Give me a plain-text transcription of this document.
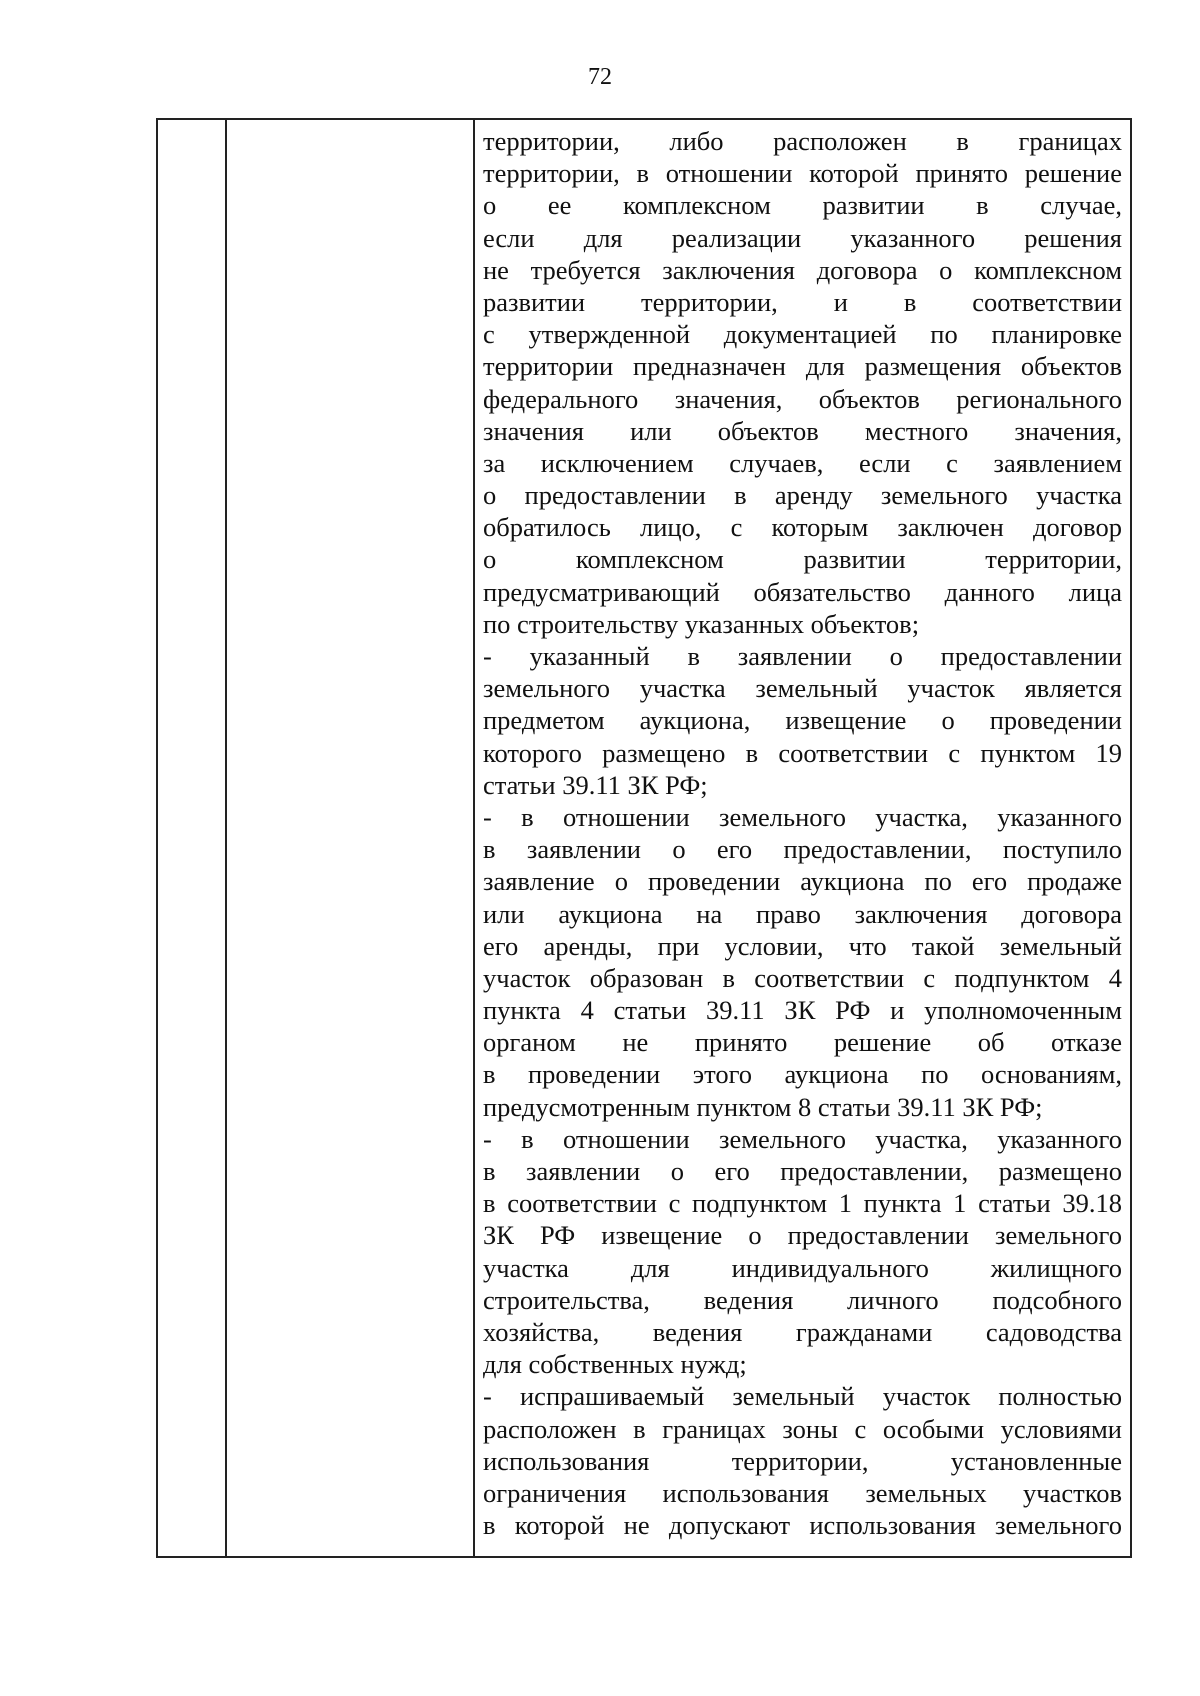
72
территории, либо расположен в границах
территории, в отношении которой принято решение
о ее комплексном развитии в случае,
если для реализации указанного решения
не требуется заключения договора о комплексном
развитии территории, и в соответствии
с утвержденной документацией по планировке
территории предназначен для размещения объектов
федерального значения, объектов регионального
значения или объектов местного значения,
за исключением случаев, если с заявлением
о предоставлении в аренду земельного участка
обратилось лицо, с которым заключен договор
о комплексном развитии территории,
предусматривающий обязательство данного лица
по строительству указанных объектов;
- указанный в заявлении о предоставлении
земельного участка земельный участок является
предметом аукциона, извещение о проведении
которого размещено в соответствии с пунктом 19
статьи 39.11 ЗК РФ;
- в отношении земельного участка, указанного
в заявлении о его предоставлении, поступило
заявление о проведении аукциона по его продаже
или аукциона на право заключения договора
его аренды, при условии, что такой земельный
участок образован в соответствии с подпунктом 4
пункта 4 статьи 39.11 ЗК РФ и уполномоченным
органом не принято решение об отказе
в проведении этого аукциона по основаниям,
предусмотренным пунктом 8 статьи 39.11 ЗК РФ;
- в отношении земельного участка, указанного
в заявлении о его предоставлении, размещено
в соответствии с подпунктом 1 пункта 1 статьи 39.18
ЗК РФ извещение о предоставлении земельного
участка для индивидуального жилищного
строительства, ведения личного подсобного
хозяйства, ведения гражданами садоводства
для собственных нужд;
- испрашиваемый земельный участок полностью
расположен в границах зоны с особыми условиями
использования территории, установленные
ограничения использования земельных участков
в которой не допускают использования земельного
